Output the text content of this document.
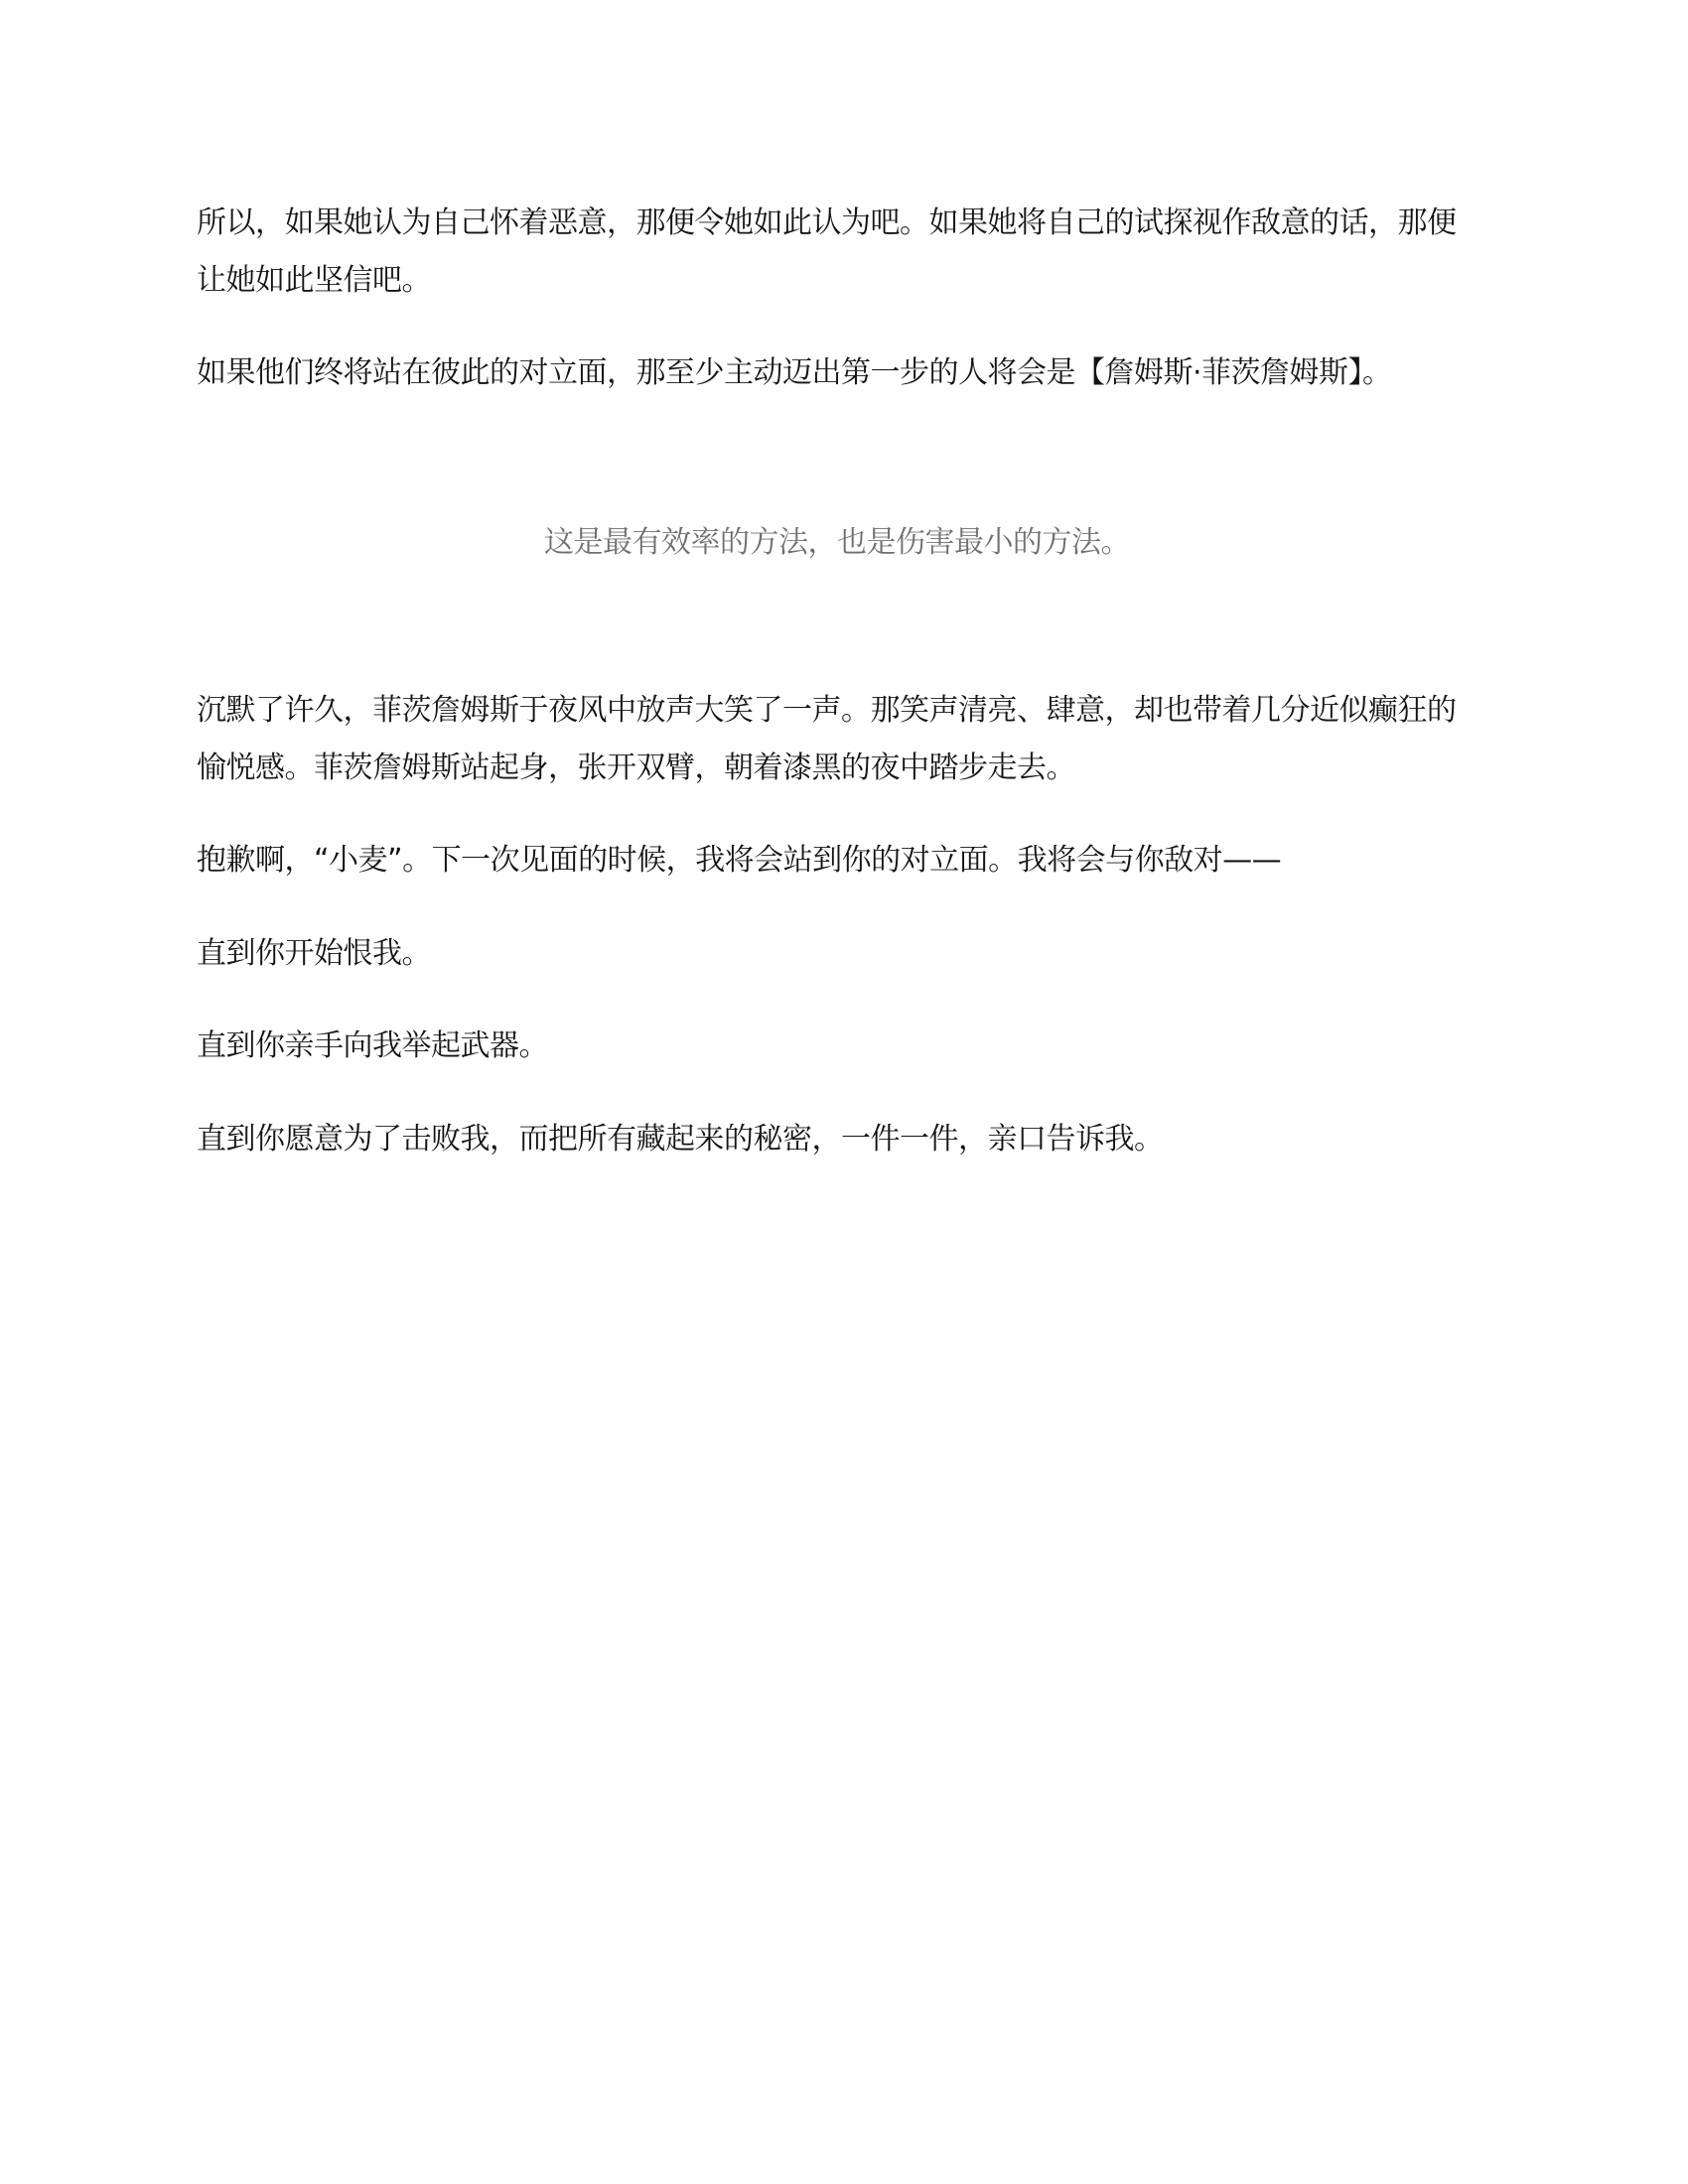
所以，如果她认为自己怀着恶意，那便令她如此认为吧。如果她将自己的试探视作敌意的话，那便让她如此坚信吧。

如果他们终将站在彼此的对立面，那至少主动迈出第一步的人将会是【詹姆斯·菲茨詹姆斯】。

这是最有效率的方法，也是伤害最小的方法。

沉默了许久，菲茨詹姆斯于夜风中放声大笑了一声。那笑声清亮、肆意，却也带着几分近似癫狂的愉悦感。菲茨詹姆斯站起身，张开双臂，朝着漆黑的夜中踏步走去。

抱歉啊，“小麦”。下一次见面的时候，我将会站到你的对立面。我将会与你敌对——

直到你开始恨我。

直到你亲手向我举起武器。

直到你愿意为了击败我，而把所有藏起来的秘密，一件一件，亲口告诉我。
